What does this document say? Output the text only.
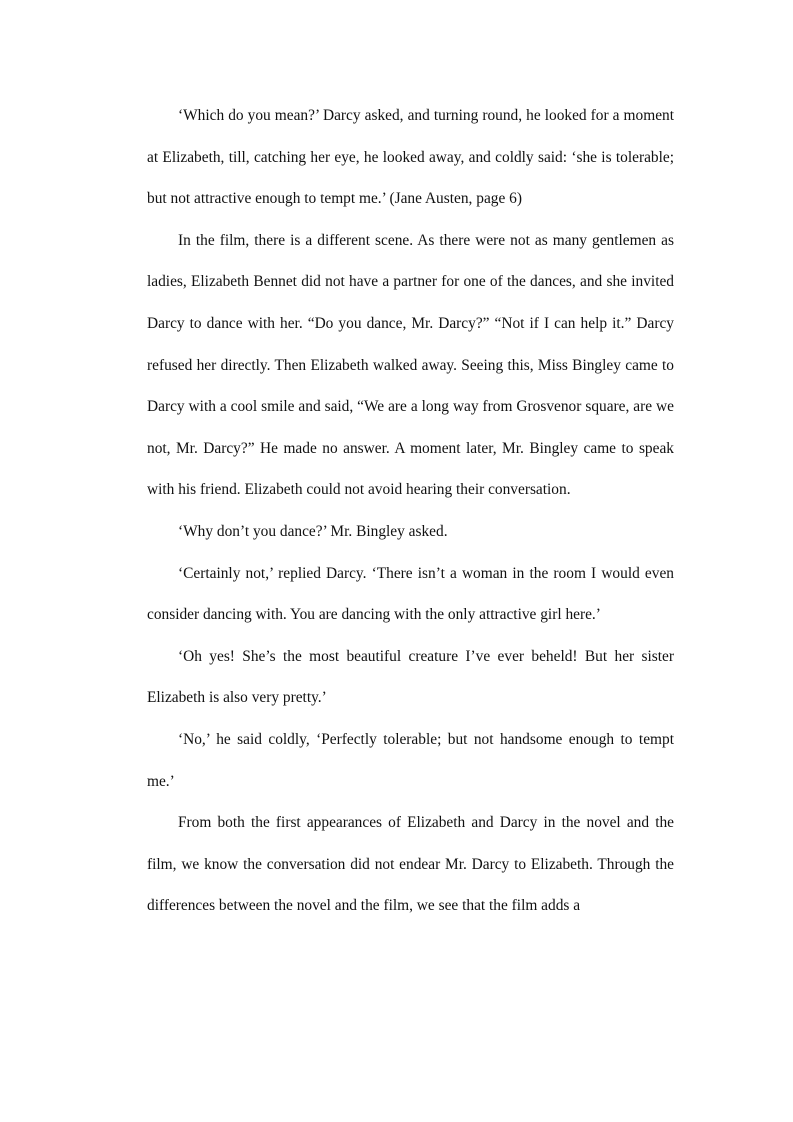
‘Which do you mean?’ Darcy asked, and turning round, he looked for a moment at Elizabeth, till, catching her eye, he looked away, and coldly said: ‘she is tolerable; but not attractive enough to tempt me.’ (Jane Austen, page 6)

In the film, there is a different scene. As there were not as many gentlemen as ladies, Elizabeth Bennet did not have a partner for one of the dances, and she invited Darcy to dance with her. “Do you dance, Mr. Darcy?” “Not if I can help it.” Darcy refused her directly. Then Elizabeth walked away. Seeing this, Miss Bingley came to Darcy with a cool smile and said, “We are a long way from Grosvenor square, are we not, Mr. Darcy?” He made no answer. A moment later, Mr. Bingley came to speak with his friend. Elizabeth could not avoid hearing their conversation.

‘Why don’t you dance?’ Mr. Bingley asked.

‘Certainly not,’ replied Darcy. ‘There isn’t a woman in the room I would even consider dancing with. You are dancing with the only attractive girl here.’

‘Oh yes! She’s the most beautiful creature I’ve ever beheld! But her sister Elizabeth is also very pretty.’

‘No,’ he said coldly, ‘Perfectly tolerable; but not handsome enough to tempt me.’

From both the first appearances of Elizabeth and Darcy in the novel and the film, we know the conversation did not endear Mr. Darcy to Elizabeth. Through the differences between the novel and the film, we see that the film adds a
